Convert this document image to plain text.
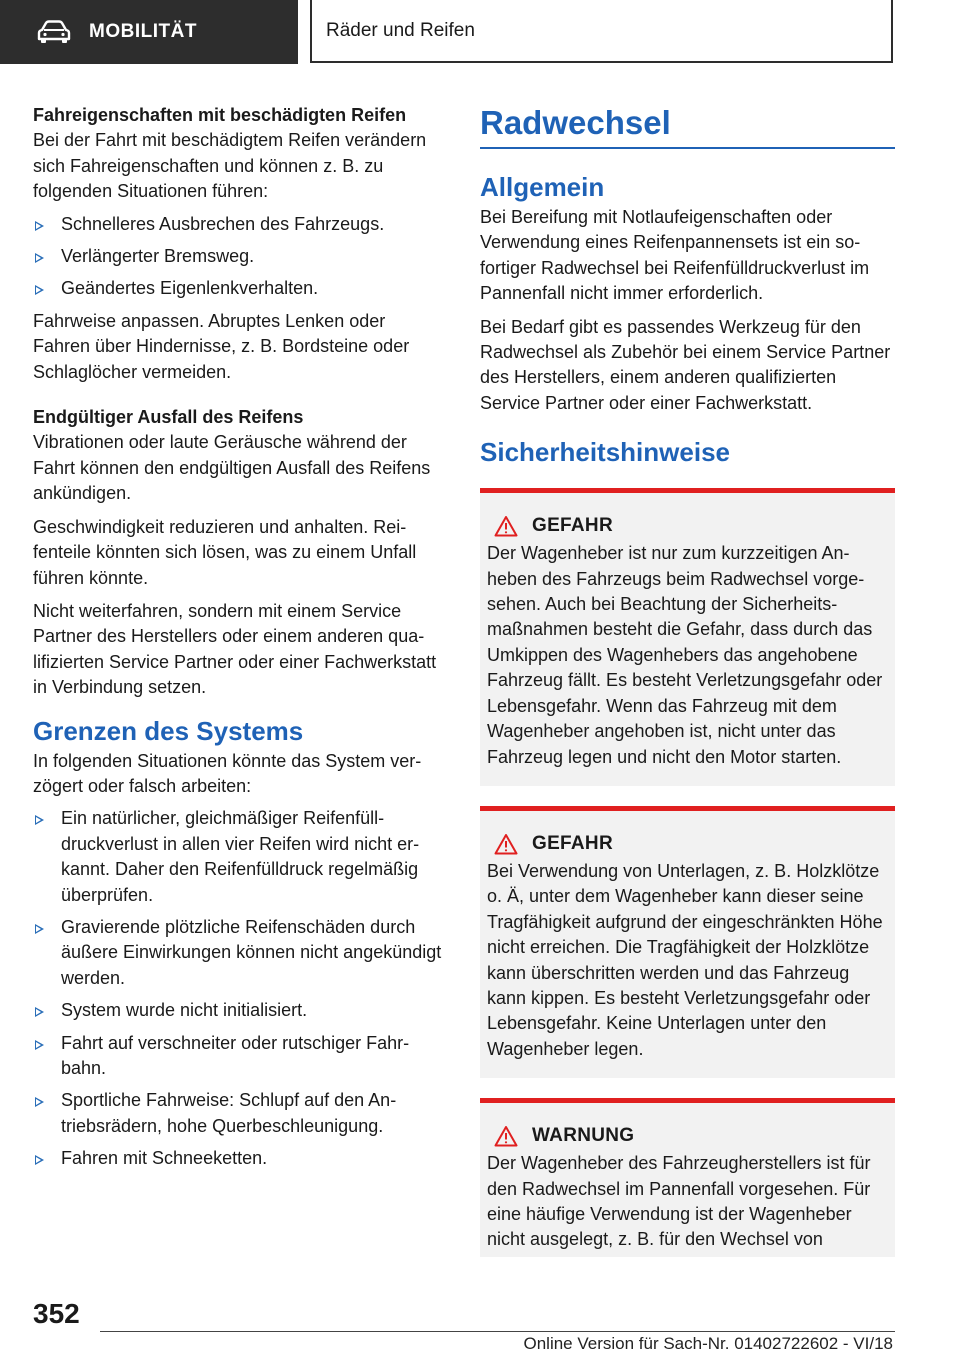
MOBILITÄT	Räder und Reifen

Fahreigenschaften mit beschädigten Reifen

Bei der Fahrt mit beschädigtem Reifen verändern sich Fahreigenschaften und können z. B. zu folgenden Situationen führen:

Schnelleres Ausbrechen des Fahrzeugs.
Verlängerter Bremsweg.
Geändertes Eigenlenkverhalten.

Fahrweise anpassen. Abruptes Lenken oder Fahren über Hindernisse, z. B. Bordsteine oder Schlaglöcher vermeiden.

Endgültiger Ausfall des Reifens

Vibrationen oder laute Geräusche während der Fahrt können den endgültigen Ausfall des Reifens ankündigen.

Geschwindigkeit reduzieren und anhalten. Reifenteile könnten sich lösen, was zu einem Unfall führen könnte.

Nicht weiterfahren, sondern mit einem Service Partner des Herstellers oder einem anderen qualifizierten Service Partner oder einer Fachwerkstatt in Verbindung setzen.

Grenzen des Systems

In folgenden Situationen könnte das System verzögert oder falsch arbeiten:

Ein natürlicher, gleichmäßiger Reifenfülldruckverlust in allen vier Reifen wird nicht erkannt. Daher den Reifenfülldruck regelmäßig überprüfen.
Gravierende plötzliche Reifenschäden durch äußere Einwirkungen können nicht angekündigt werden.
System wurde nicht initialisiert.
Fahrt auf verschneiter oder rutschiger Fahrbahn.
Sportliche Fahrweise: Schlupf auf den Antriebsrädern, hohe Querbeschleunigung.
Fahren mit Schneeketten.
Radwechsel
Allgemein

Bei Bereifung mit Notlaufeigenschaften oder Verwendung eines Reifenpannensets ist ein sofortiger Radwechsel bei Reifenfülldruckverlust im Pannenfall nicht immer erforderlich.

Bei Bedarf gibt es passendes Werkzeug für den Radwechsel als Zubehör bei einem Service Partner des Herstellers, einem anderen qualifizierten Service Partner oder einer Fachwerkstatt.

Sicherheitshinweise
GEFAHR

Der Wagenheber ist nur zum kurzzeitigen Anheben des Fahrzeugs beim Radwechsel vorgesehen. Auch bei Beachtung der Sicherheitsmaßnahmen besteht die Gefahr, dass durch das Umkippen des Wagenhebers das angehobene Fahrzeug fällt. Es besteht Verletzungsgefahr oder Lebensgefahr. Wenn das Fahrzeug mit dem Wagenheber angehoben ist, nicht unter das Fahrzeug legen und nicht den Motor starten.

GEFAHR

Bei Verwendung von Unterlagen, z. B. Holzklötze o. Ä, unter dem Wagenheber kann dieser seine Tragfähigkeit aufgrund der eingeschränkten Höhe nicht erreichen. Die Tragfähigkeit der Holzklötze kann überschritten werden und das Fahrzeug kann kippen. Es besteht Verletzungsgefahr oder Lebensgefahr. Keine Unterlagen unter den Wagenheber legen.

WARNUNG

Der Wagenheber des Fahrzeugherstellers ist für den Radwechsel im Pannenfall vorgesehen. Für eine häufige Verwendung ist der Wagenheber nicht ausgelegt, z. B. für den Wechsel von

352
Online Version für Sach-Nr. 01402722602 - VI/18
